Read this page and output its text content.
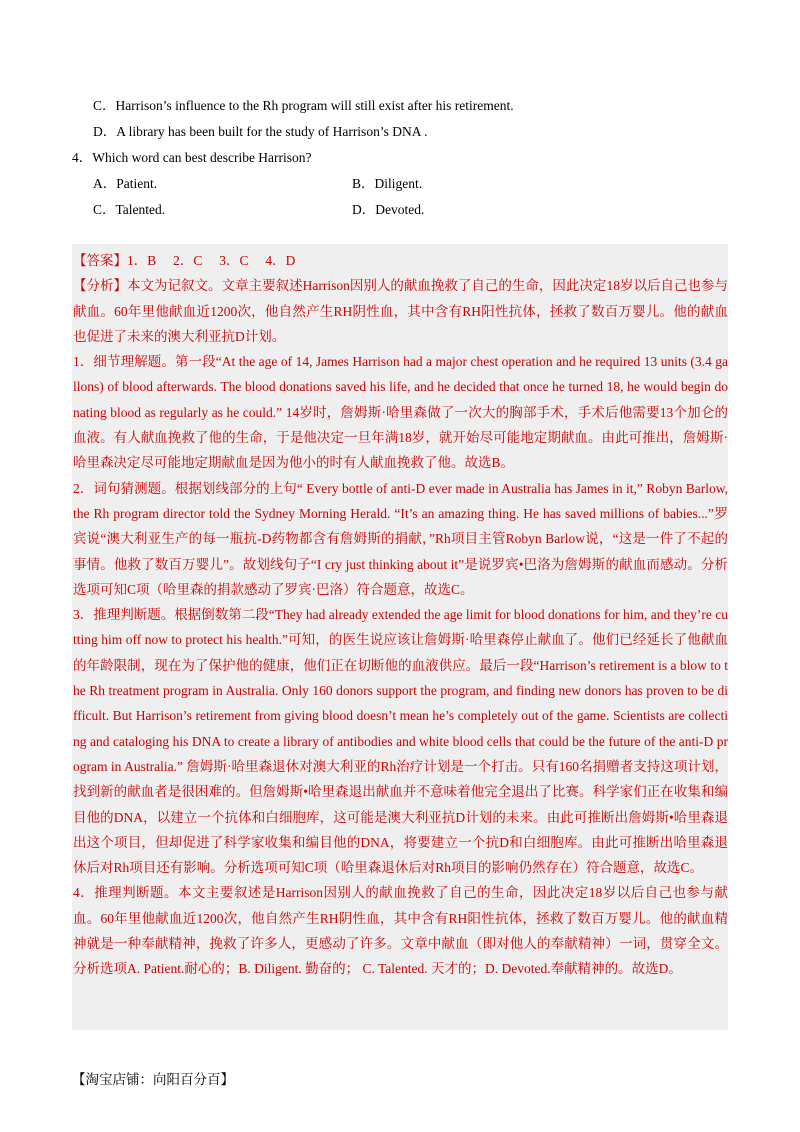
C．Harrison’s influence to the Rh program will still exist after his retirement.
D．A library has been built for the study of Harrison’s DNA .
4．Which word can best describe Harrison?
A．Patient.	B．Diligent.
C．Talented.	D．Devoted.

【答案】1．B　 2．C　 3．C　 4．D

【分析】本文为记叙文。文章主要叙述Harrison因别人的献血挽救了自己的生命，因此决定18岁以后自己也参与献血。60年里他献血近1200次，他自然产生RH阴性血，其中含有RH阳性抗体，拯救了数百万婴儿。他的献血也促进了未来的澳大利亚抗D计划。

1．细节理解题。第一段“At the age of 14, James Harrison had a major chest operation and he required 13 units (3.4 gallons) of blood afterwards. The blood donations saved his life, and he decided that once he turned 18, he would begin donating blood as regularly as he could.” 14岁时，詹姆斯·哈里森做了一次大的胸部手术，手术后他需要13个加仑的血液。有人献血挽救了他的生命，于是他决定一旦年满18岁，就开始尽可能地定期献血。由此可推出，詹姆斯·哈里森决定尽可能地定期献血是因为他小的时有人献血挽救了他。故选B。

2．词句猜测题。根据划线部分的上句“ Every bottle of anti-D ever made in Australia has James in it,” Robyn Barlow, the Rh program director told the Sydney Morning Herald. “It’s an amazing thing. He has saved millions of babies...”罗宾说“澳大利亚生产的每一瓶抗-D药物都含有詹姆斯的捐献，”Rh项目主管Robyn Barlow说，“这是一件了不起的事情。他救了数百万婴儿”。故划线句子“I cry just thinking about it”是说罗宾•巴洛为詹姆斯的献血而感动。分析选项可知C项（哈里森的捐款感动了罗宾·巴洛）符合题意，故选C。

3．推理判断题。根据倒数第二段“They had already extended the age limit for blood donations for him, and they’re cutting him off now to protect his health.”可知，的医生说应该让詹姆斯·哈里森停止献血了。他们已经延长了他献血的年龄限制，现在为了保护他的健康，他们正在切断他的血液供应。最后一段“Harrison’s retirement is a blow to the Rh treatment program in Australia. Only 160 donors support the program, and finding new donors has proven to be difficult. But Harrison’s retirement from giving blood doesn’t mean he’s completely out of the game. Scientists are collecting and cataloging his DNA to create a library of antibodies and white blood cells that could be the future of the anti-D program in Australia.” 詹姆斯·哈里森退休对澳大利亚的Rh治疗计划是一个打击。只有160名捐赠者支持这项计划，找到新的献血者是很困难的。但詹姆斯•哈里森退出献血并不意味着他完全退出了比赛。科学家们正在收集和编目他的DNA，以建立一个抗体和白细胞库，这可能是澳大利亚抗D计划的未来。由此可推断出詹姆斯•哈里森退出这个项目，但却促进了科学家收集和编目他的DNA，将要建立一个抗D和白细胞库。由此可推断出哈里森退休后对Rh项目还有影响。分析选项可知C项（哈里森退休后对Rh项目的影响仍然存在）符合题意，故选C。

4．推理判断题。本文主要叙述是Harrison因别人的献血挽救了自己的生命，因此决定18岁以后自己也参与献血。60年里他献血近1200次，他自然产生RH阴性血，其中含有RH阳性抗体，拯救了数百万婴儿。他的献血精神就是一种奉献精神，挽救了许多人，更感动了许多。文章中献血（即对他人的奉献精神）一词，贯穿全文。分析选项A. Patient.耐心的；B. Diligent. 勤奋的； C. Talented. 天才的；D. Devoted.奉献精神的。故选D。

【淘宝店铺：向阳百分百】
